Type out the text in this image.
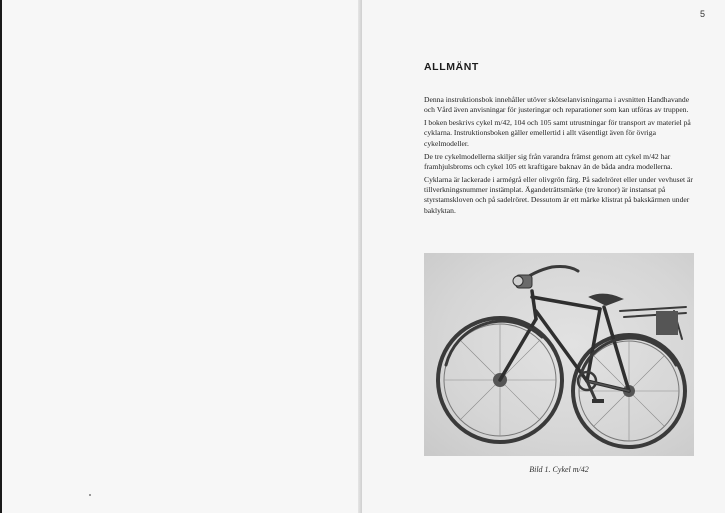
5
ALLMÄNT

Denna instruktionsbok innehåller utöver skötselanvisningarna i avsnitten Handhavande och Vård även anvisningar för justeringar och reparationer som kan utföras av truppen.

I boken beskrivs cykel m/42, 104 och 105 samt utrustningar för transport av materiel på cyklarna. Instruktionsboken gäller emellertid i allt väsentligt även för övriga cykelmodeller.

De tre cykelmodellerna skiljer sig från varandra främst genom att cykel m/42 har framhjulsbroms och cykel 105 ett kraftigare baknav än de båda andra modellerna.

Cyklarna är lackerade i armégrå eller olivgrön färg. På sadelröret eller under vevhuset är tillverkningsnummer instämplat. Ägandeträttsmärke (tre kronor) är instansat på styrstamskloven och på sadelröret. Dessutom är ett märke klistrat på bakskärmen under baklyktan.

Bild 1. Cykel m/42
